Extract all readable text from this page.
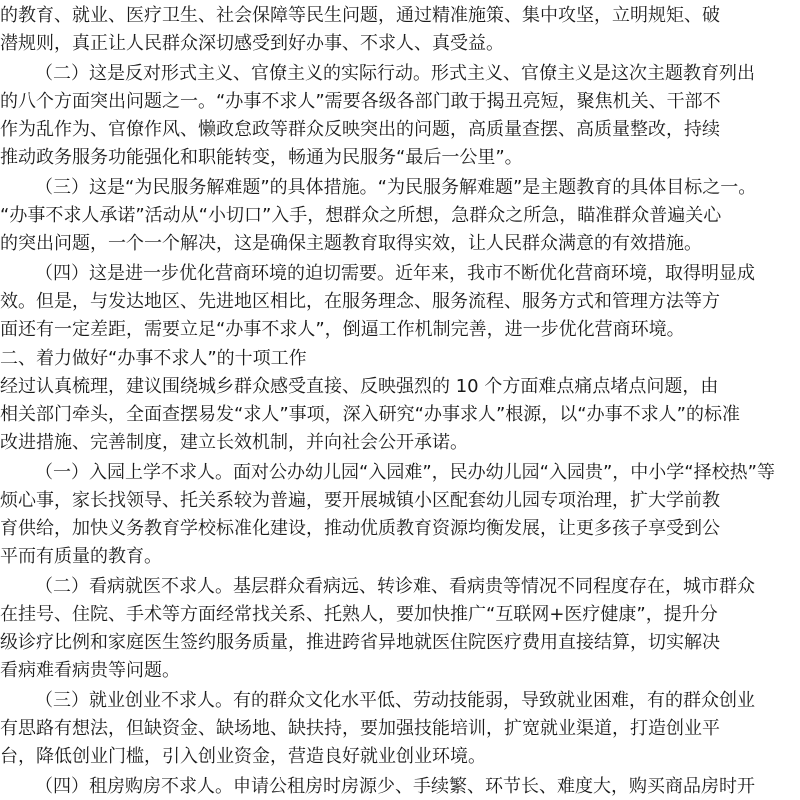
的教育、就业、医疗卫生、社会保障等民生问题，通过精准施策、集中攻坚，立明规矩、破
潜规则，真正让人民群众深切感受到好办事、不求人、真受益。
（二）这是反对形式主义、官僚主义的实际行动。形式主义、官僚主义是这次主题教育列出
的八个方面突出问题之一。“办事不求人”需要各级各部门敢于揭丑亮短，聚焦机关、干部不
作为乱作为、官僚作风、懒政怠政等群众反映突出的问题，高质量查摆、高质量整改，持续
推动政务服务功能强化和职能转变，畅通为民服务“最后一公里”。
（三）这是“为民服务解难题”的具体措施。“为民服务解难题”是主题教育的具体目标之一。
“办事不求人承诺”活动从“小切口”入手，想群众之所想，急群众之所急，瞄准群众普遍关心
的突出问题，一个一个解决，这是确保主题教育取得实效，让人民群众满意的有效措施。
（四）这是进一步优化营商环境的迫切需要。近年来，我市不断优化营商环境，取得明显成
效。但是，与发达地区、先进地区相比，在服务理念、服务流程、服务方式和管理方法等方
面还有一定差距，需要立足“办事不求人”，倒逼工作机制完善，进一步优化营商环境。
二、着力做好“办事不求人”的十项工作
经过认真梳理，建议围绕城乡群众感受直接、反映强烈的 10 个方面难点痛点堵点问题，由
相关部门牵头，全面查摆易发“求人”事项，深入研究“办事求人”根源，以“办事不求人”的标准
改进措施、完善制度，建立长效机制，并向社会公开承诺。
（一）入园上学不求人。面对公办幼儿园“入园难”，民办幼儿园“入园贵”，中小学“择校热”等
烦心事，家长找领导、托关系较为普遍，要开展城镇小区配套幼儿园专项治理，扩大学前教
育供给，加快义务教育学校标准化建设，推动优质教育资源均衡发展，让更多孩子享受到公
平而有质量的教育。
（二）看病就医不求人。基层群众看病远、转诊难、看病贵等情况不同程度存在，城市群众
在挂号、住院、手术等方面经常找关系、托熟人，要加快推广“互联网+医疗健康”，提升分
级诊疗比例和家庭医生签约服务质量，推进跨省异地就医住院医疗费用直接结算，切实解决
看病难看病贵等问题。
（三）就业创业不求人。有的群众文化水平低、劳动技能弱，导致就业困难，有的群众创业
有思路有想法，但缺资金、缺场地、缺扶持，要加强技能培训，扩宽就业渠道，打造创业平
台，降低创业门槛，引入创业资金，营造良好就业创业环境。
（四）租房购房不求人。申请公租房时房源少、手续繁、环节长、难度大，购买商品房时开
